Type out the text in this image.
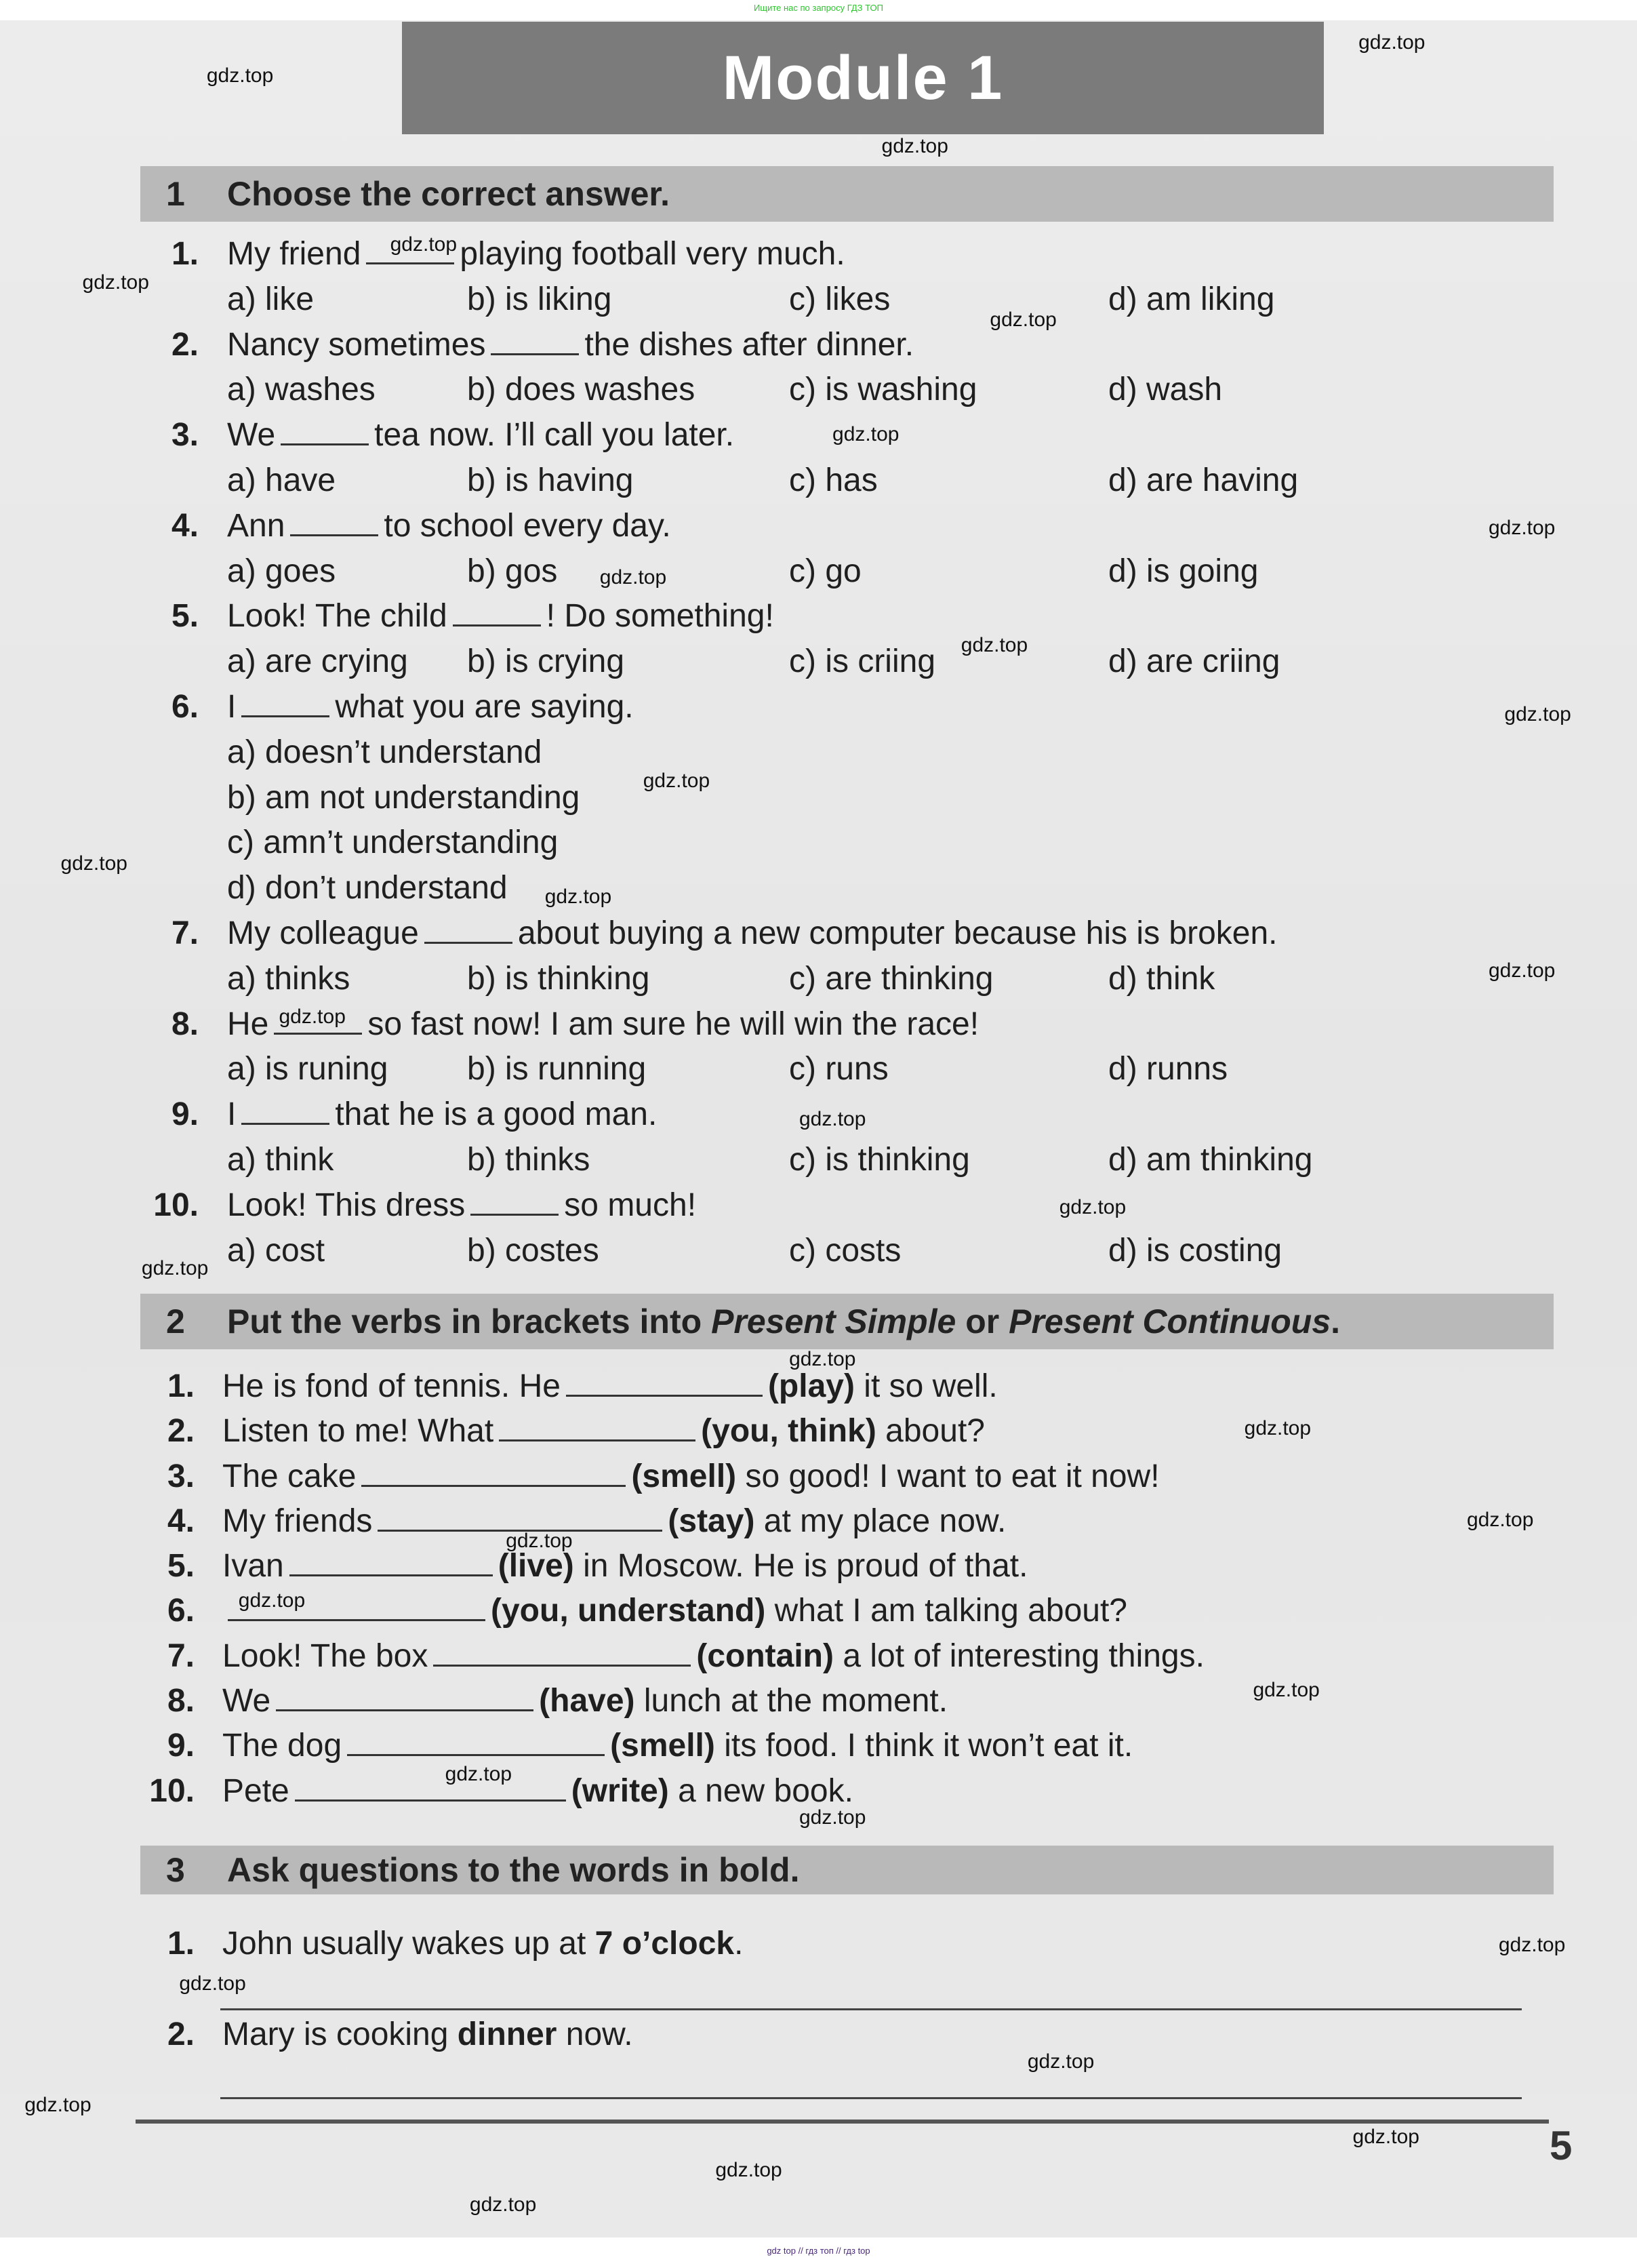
Ищите нас по запросу ГДЗ ТОП
Module 1
1 Choose the correct answer.
1. My friend	playing football very much.
a) like	b) is liking	c) likes	d) am liking
2. Nancy sometimes	the dishes after dinner.
a) washes	b) does washes	c) is washing	d) wash
3. We	tea now. I’ll call you later.
a) have	b) is having	c) has	d) are having
4. Ann	to school every day.
a) goes	b) gos	c) go	d) is going
5. Look! The child	! Do something!
a) are crying b) is crying	c) is criing	d) are criing
6. I	what you are saying.
a) doesn’t understand
b) am not understanding
c) amn’t understanding
d) don’t understand
7. My colleague	about buying a new computer because his is broken.
a) thinks	b) is thinking	c) are thinking	d) think
8. He	so fast now! I am sure he will win the race!
a) is runing b) is running	c) runs	d) runns
9. I	that he is a good man.
a) think	b) thinks	c) is thinking	d) am thinking
10. Look! This dress	so much!
a) cost	b) costes	c) costs	d) is costing
2 Put the verbs in brackets into Present Simple or Present Continuous.
1. He is fond of tennis. He	(play) it so well.
2. Listen to me! What	(you, think) about?
3. The cake	(smell) so good! I want to eat it now!
4. My friends	(stay) at my place now.
5. Ivan	(live) in Moscow. He is proud of that.
6.	(you, understand) what I am talking about?
7. Look! The box	(contain) a lot of interesting things.
8. We	(have) lunch at the moment.
9. The dog	(smell) its food. I think it won’t eat it.
10. Pete	(write) a new book.
3 Ask questions to the words in bold.
1. John usually wakes up at 7 o’clock.
2. Mary is cooking dinner now.
5
gdz top // гдз топ // гдз top
gdz.top
gdz.top
gdz.top
gdz.top
gdz.top
gdz.top
gdz.top
gdz.top
gdz.top
gdz.top
gdz.top
gdz.top
gdz.top
gdz.top
gdz.top
gdz.top
gdz.top
gdz.top
gdz.top
gdz.top
gdz.top
gdz.top
gdz.top
gdz.top
gdz.top
gdz.top
gdz.top
gdz.top
gdz.top
gdz.top
gdz.top
gdz.top
gdz.top
gdz.top
